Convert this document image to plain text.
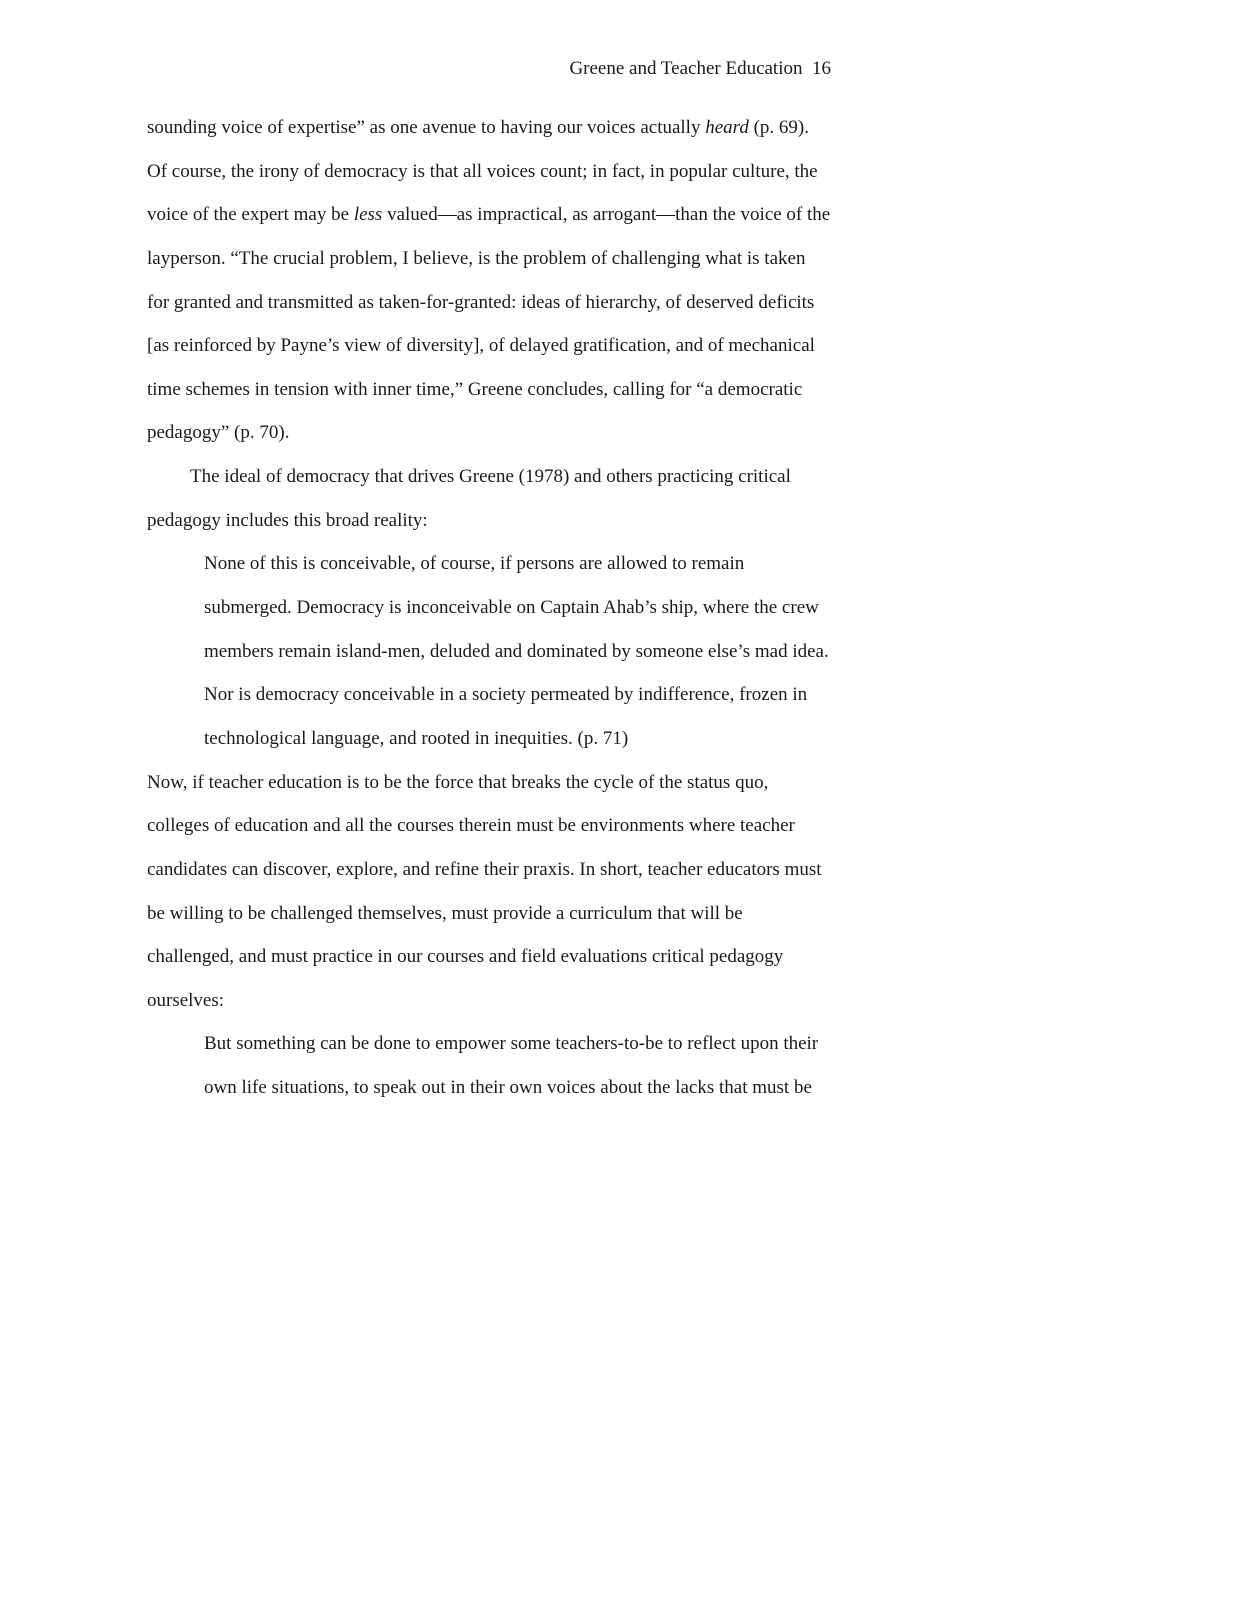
Greene and Teacher Education 16
sounding voice of expertise” as one avenue to having our voices actually heard (p. 69).
Of course, the irony of democracy is that all voices count; in fact, in popular culture, the
voice of the expert may be less valued—as impractical, as arrogant—than the voice of the
layperson. “The crucial problem, I believe, is the problem of challenging what is taken
for granted and transmitted as taken-for-granted: ideas of hierarchy, of deserved deficits
[as reinforced by Payne’s view of diversity], of delayed gratification, and of mechanical
time schemes in tension with inner time,” Greene concludes, calling for “a democratic
pedagogy” (p. 70).
The ideal of democracy that drives Greene (1978) and others practicing critical
pedagogy includes this broad reality:
None of this is conceivable, of course, if persons are allowed to remain
submerged. Democracy is inconceivable on Captain Ahab’s ship, where the crew
members remain island-men, deluded and dominated by someone else’s mad idea.
Nor is democracy conceivable in a society permeated by indifference, frozen in
technological language, and rooted in inequities. (p. 71)
Now, if teacher education is to be the force that breaks the cycle of the status quo,
colleges of education and all the courses therein must be environments where teacher
candidates can discover, explore, and refine their praxis. In short, teacher educators must
be willing to be challenged themselves, must provide a curriculum that will be
challenged, and must practice in our courses and field evaluations critical pedagogy
ourselves:
But something can be done to empower some teachers-to-be to reflect upon their
own life situations, to speak out in their own voices about the lacks that must be
